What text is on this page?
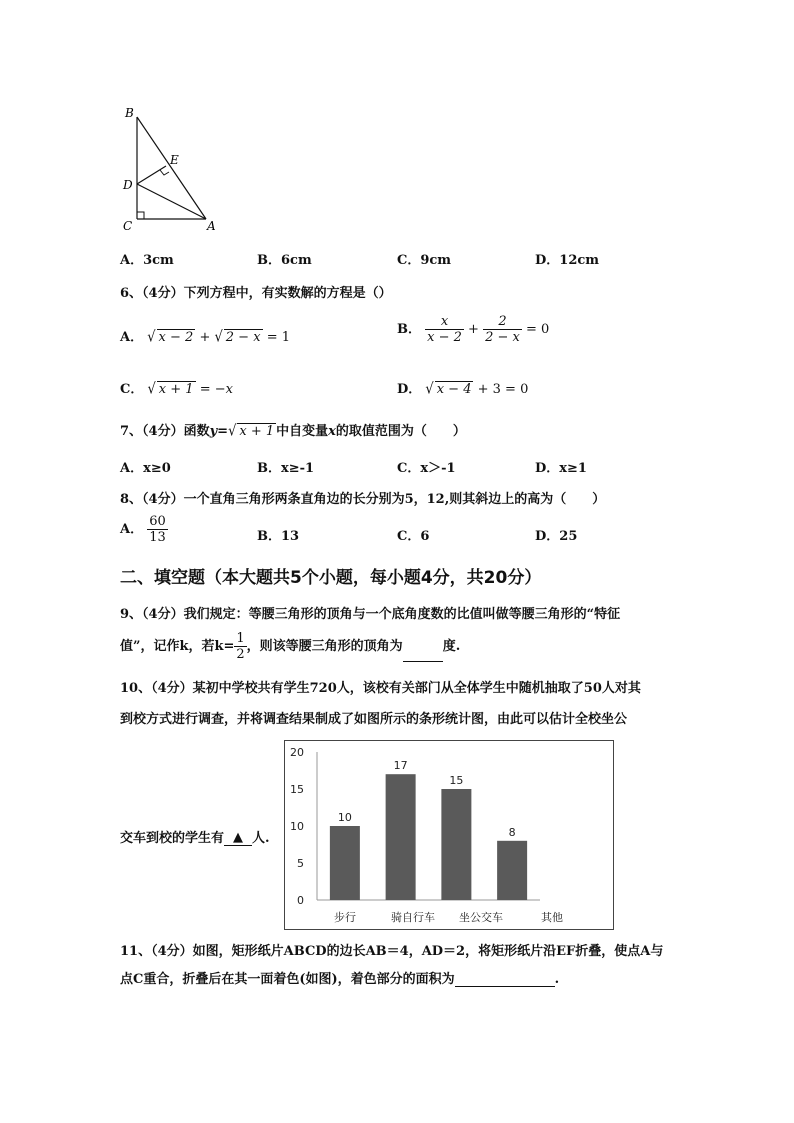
B
E
D
C	A
A．3cm	B．6cm	C．9cm	D．12cm
6、（4分）下列方程中，有实数解的方程是（）
A． √ x − 2 + √ 2 − x = 1
B． $\frac{x}{x - 2} + \frac{2}{2 - x} = 0$
C． √ x + 1 = −x	D． √ x − 4 + 3 = 0
7、（4分）函数y=√ x + 1 中自变量x的取值范围为（　　）
A．x≥0	B．x≥-1	C．x＞-1	D．x≥1
8、（4分）一个直角三角形两条直角边的长分别为5，12,则其斜边上的高为（　　）
A． $\frac{60}{13}$	B．13	C．6	D．25
二、填空题（本大题共5个小题，每小题4分，共20分）
9、（4分）我们规定：等腰三角形的顶角与一个底角度数的比值叫做等腰三角形的“特征
值”，记作k，若$k= \frac{1}{2}$ ，则该等腰三角形的顶角为	度.
10、（4分）某初中学校共有学生720人，该校有关部门从全体学生中随机抽取了50人对其
到校方式进行调查，并将调查结果制成了如图所示的条形统计图，由此可以估计全校坐公
交车到校的学生有 ▲ 人.
0
5
10
15
20
10
17
15
8
步行	骑自行车 坐公交车	其他
11、（4分）如图，矩形纸片ABCD的边长AB＝4，AD＝2，将矩形纸片沿EF折叠，使点A与
点C重合，折叠后在其一面着色(如图)，着色部分的面积为	.
